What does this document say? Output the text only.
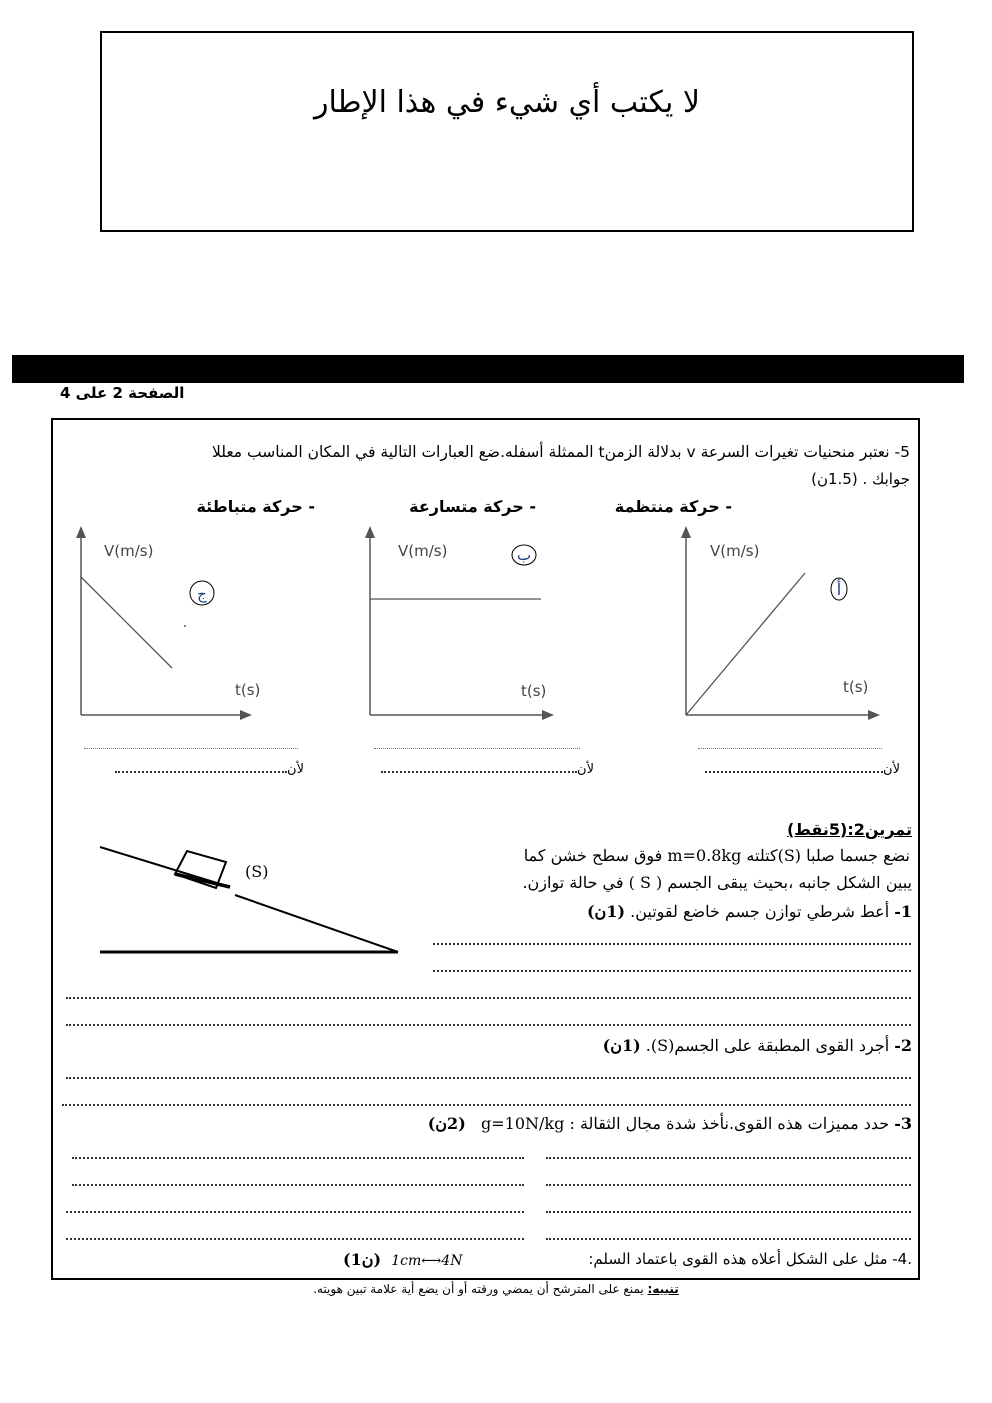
لا يكتب أي شيء في هذا الإطار
الصفحة 2 على 4
5- نعتبر منحنيات تغيرات السرعة v بدلالة الزمنt الممثلة أسفله.ضع العبارات التالية في المكان المناسب معللا
جوابك . (1.5ن)
- حركة منتظمة
- حركة متسارعة
- حركة متباطئة
V(m/s)
t(s)
أ
لأن
V(m/s)
t(s)
ب
لأن
V(m/s)
t(s)
ج
لأن
تمرين2:(5نقط)
نضع جسما صلبا (S)كتلته m=0.8kg فوق سطح خشن كما
يبين الشكل جانبه ،بحيث يبقى الجسم ( S ) في حالة توازن.
(S)
1- أعط شرطي توازن جسم خاضع لقوتين. (1ن)
2- أجرد القوى المطبقة على الجسم(S). (1ن)
3- حدد مميزات هذه القوى.نأخذ شدة مجال الثقالة : g=10N/kg   (2ن)
.4- مثل على الشكل أعلاه هذه القوى باعتماد السلم:
(1ن) 1cm⟷4N
تنبيه: يمنع على المترشح أن يمضي ورقته أو أن يضع أية علامة تبين هويته.
